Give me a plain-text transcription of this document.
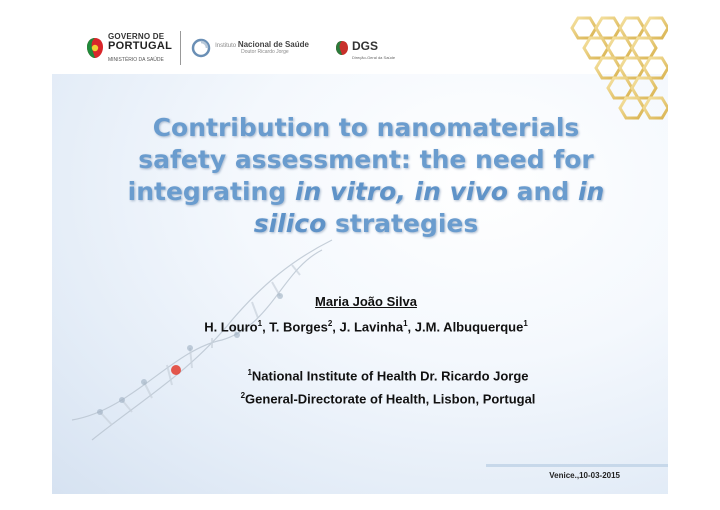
GOVERNO DE
PORTUGAL
MINISTÉRIO DA SAÚDE
Instituto Nacional de Saúde
Doutor Ricardo Jorge	DGS
Direção-Geral da Saúde
Contribution to nanomaterials
safety assessment: the need for
integrating in vitro, in vivo and in
silico strategies
Maria João Silva
H. Louro$^1$, T. Borges$^2$, J. Lavinha$^1$, J.M. Albuquerque$^1$
$^1$National Institute of Health Dr. Ricardo Jorge
$^2$General-Directorate of Health, Lisbon, Portugal
Venice.,10-03-2015
